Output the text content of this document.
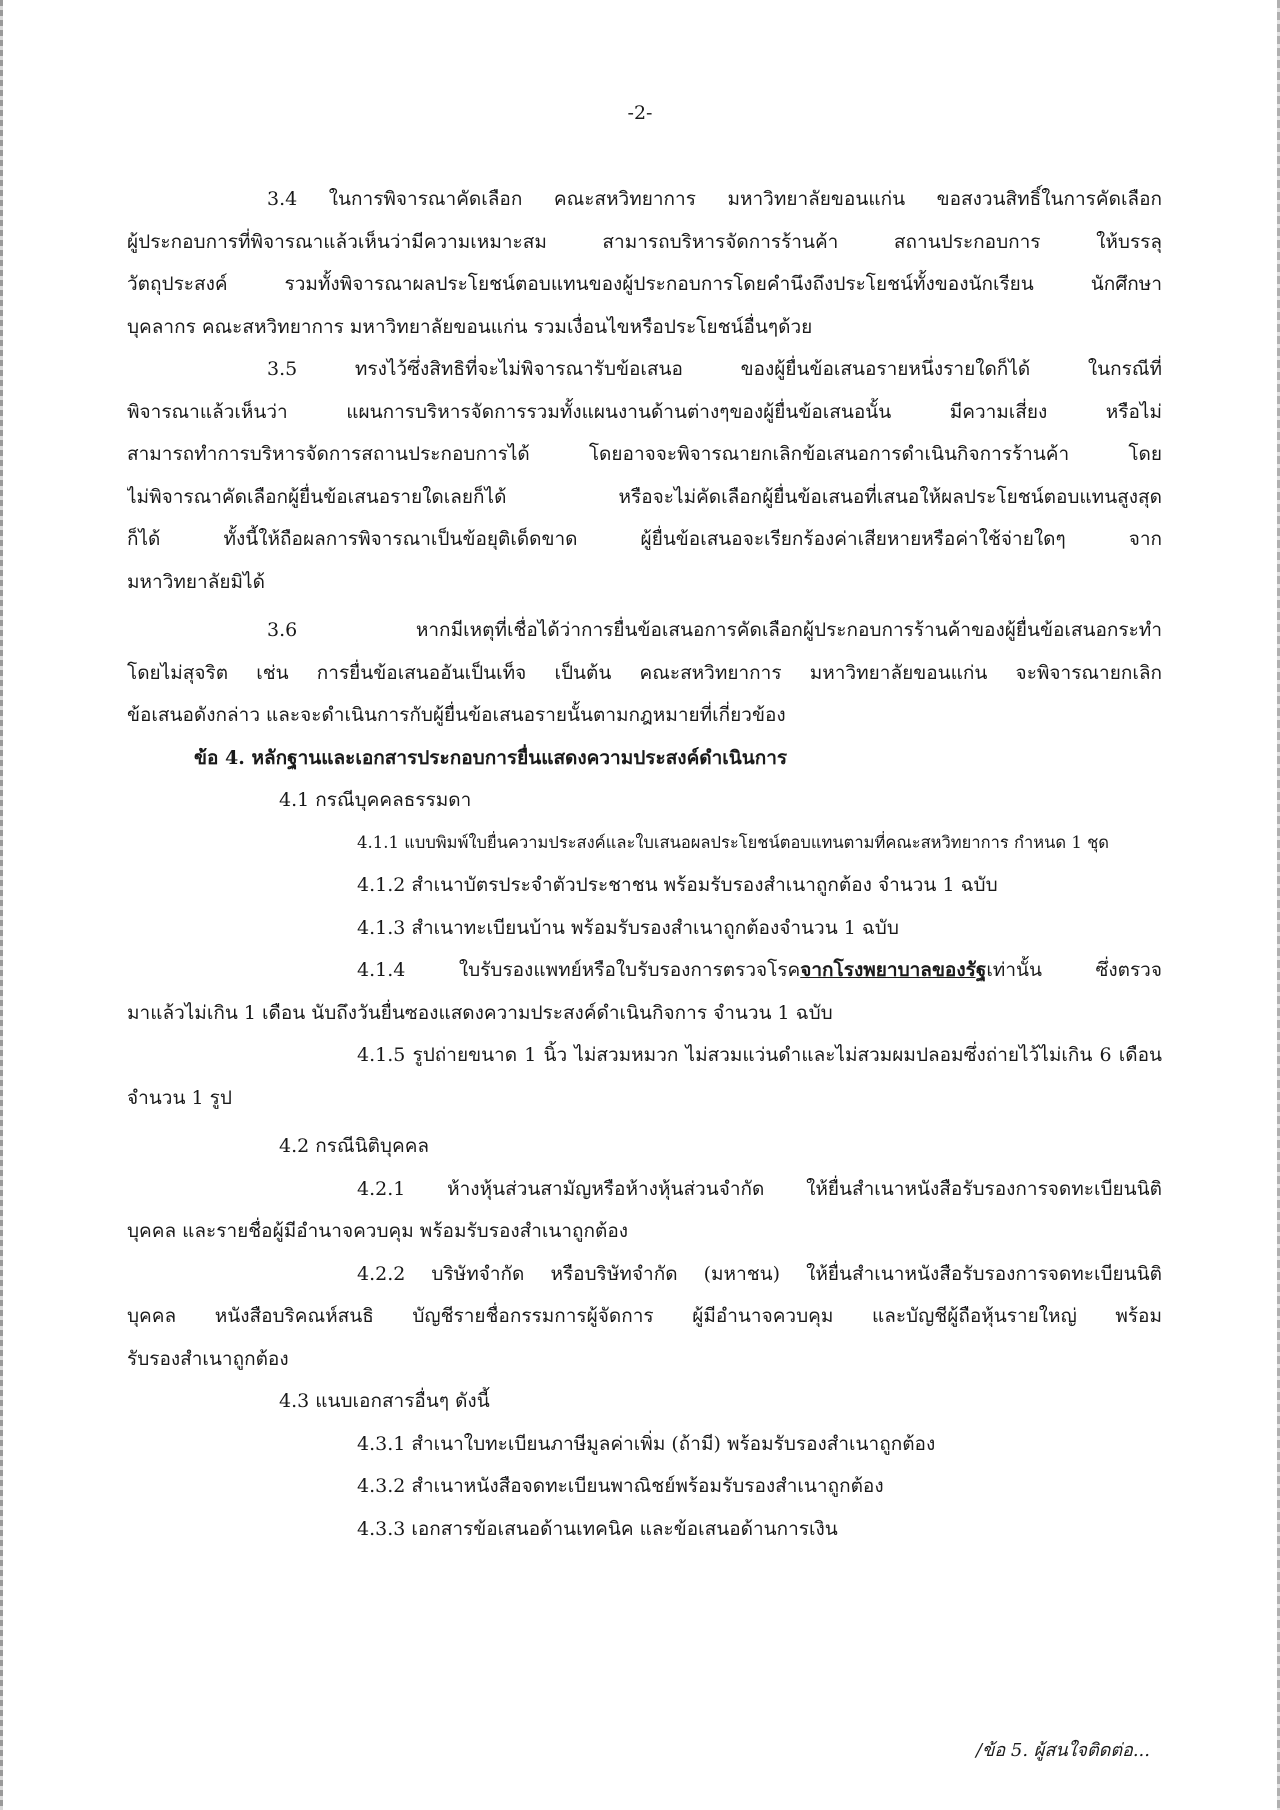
-2-
3.4 ในการพิจารณาคัดเลือก คณะสหวิทยาการ มหาวิทยาลัยขอนแก่น ขอสงวนสิทธิ์ในการคัดเลือก
ผู้ประกอบการที่พิจารณาแล้วเห็นว่ามีความเหมาะสม สามารถบริหารจัดการร้านค้า สถานประกอบการ ให้บรรลุ
วัตถุประสงค์ รวมทั้งพิจารณาผลประโยชน์ตอบแทนของผู้ประกอบการโดยคำนึงถึงประโยชน์ทั้งของนักเรียน นักศึกษา
บุคลากร คณะสหวิทยาการ มหาวิทยาลัยขอนแก่น รวมเงื่อนไขหรือประโยชน์อื่นๆด้วย
3.5 ทรงไว้ซึ่งสิทธิที่จะไม่พิจารณารับข้อเสนอ ของผู้ยื่นข้อเสนอรายหนึ่งรายใดก็ได้ ในกรณีที่
พิจารณาแล้วเห็นว่า แผนการบริหารจัดการรวมทั้งแผนงานด้านต่างๆของผู้ยื่นข้อเสนอนั้น มีความเสี่ยง หรือไม่
สามารถทำการบริหารจัดการสถานประกอบการได้ โดยอาจจะพิจารณายกเลิกข้อเสนอการดำเนินกิจการร้านค้า โดย
ไม่พิจารณาคัดเลือกผู้ยื่นข้อเสนอรายใดเลยก็ได้ หรือจะไม่คัดเลือกผู้ยื่นข้อเสนอที่เสนอให้ผลประโยชน์ตอบแทนสูงสุด
ก็ได้ ทั้งนี้ให้ถือผลการพิจารณาเป็นข้อยุติเด็ดขาด ผู้ยื่นข้อเสนอจะเรียกร้องค่าเสียหายหรือค่าใช้จ่ายใดๆ จาก
มหาวิทยาลัยมิได้
3.6 หากมีเหตุที่เชื่อได้ว่าการยื่นข้อเสนอการคัดเลือกผู้ประกอบการร้านค้าของผู้ยื่นข้อเสนอกระทำ
โดยไม่สุจริต เช่น การยื่นข้อเสนออันเป็นเท็จ เป็นต้น คณะสหวิทยาการ มหาวิทยาลัยขอนแก่น จะพิจารณายกเลิก
ข้อเสนอดังกล่าว และจะดำเนินการกับผู้ยื่นข้อเสนอรายนั้นตามกฎหมายที่เกี่ยวข้อง
ข้อ 4. หลักฐานและเอกสารประกอบการยื่นแสดงความประสงค์ดำเนินการ
4.1 กรณีบุคคลธรรมดา
4.1.1 แบบพิมพ์ใบยื่นความประสงค์และใบเสนอผลประโยชน์ตอบแทนตามที่คณะสหวิทยาการ กำหนด 1 ชุด
4.1.2 สำเนาบัตรประจำตัวประชาชน พร้อมรับรองสำเนาถูกต้อง จำนวน 1 ฉบับ
4.1.3 สำเนาทะเบียนบ้าน พร้อมรับรองสำเนาถูกต้องจำนวน 1 ฉบับ
4.1.4 ใบรับรองแพทย์หรือใบรับรองการตรวจโรคจากโรงพยาบาลของรัฐเท่านั้น ซึ่งตรวจ
มาแล้วไม่เกิน 1 เดือน นับถึงวันยื่นซองแสดงความประสงค์ดำเนินกิจการ จำนวน 1 ฉบับ
4.1.5 รูปถ่ายขนาด 1 นิ้ว ไม่สวมหมวก ไม่สวมแว่นดำและไม่สวมผมปลอมซึ่งถ่ายไว้ไม่เกิน 6 เดือน
จำนวน 1 รูป
4.2 กรณีนิติบุคคล
4.2.1 ห้างหุ้นส่วนสามัญหรือห้างหุ้นส่วนจำกัด ให้ยื่นสำเนาหนังสือรับรองการจดทะเบียนนิติ
บุคคล และรายชื่อผู้มีอำนาจควบคุม พร้อมรับรองสำเนาถูกต้อง
4.2.2 บริษัทจำกัด หรือบริษัทจำกัด (มหาชน) ให้ยื่นสำเนาหนังสือรับรองการจดทะเบียนนิติ
บุคคล หนังสือบริคณห์สนธิ บัญชีรายชื่อกรรมการผู้จัดการ ผู้มีอำนาจควบคุม และบัญชีผู้ถือหุ้นรายใหญ่ พร้อม
รับรองสำเนาถูกต้อง
4.3 แนบเอกสารอื่นๆ ดังนี้
4.3.1 สำเนาใบทะเบียนภาษีมูลค่าเพิ่ม (ถ้ามี) พร้อมรับรองสำเนาถูกต้อง
4.3.2 สำเนาหนังสือจดทะเบียนพาณิชย์พร้อมรับรองสำเนาถูกต้อง
4.3.3 เอกสารข้อเสนอด้านเทคนิค และข้อเสนอด้านการเงิน
/ข้อ 5. ผู้สนใจติดต่อ...
